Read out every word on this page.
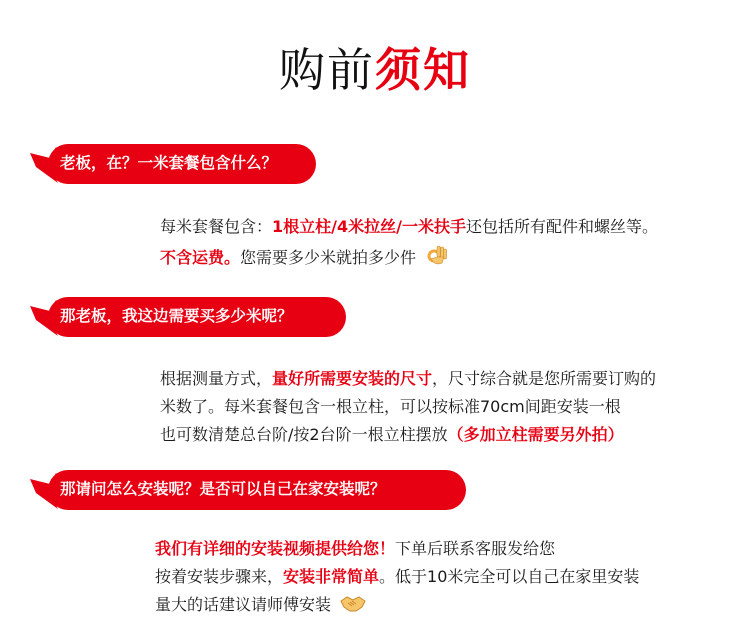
购前须知
老板，在？一米套餐包含什么？
每米套餐包含：1根立柱/4米拉丝/一米扶手还包括所有配件和螺丝等。
不含运费。您需要多少米就拍多少件
那老板，我这边需要买多少米呢？
根据测量方式，量好所需要安装的尺寸，尺寸综合就是您所需要订购的
米数了。每米套餐包含一根立柱，可以按标准70cm间距安装一根
也可数清楚总台阶/按2台阶一根立柱摆放（多加立柱需要另外拍）
那请问怎么安装呢？是否可以自己在家安装呢？
我们有详细的安装视频提供给您！下单后联系客服发给您
按着安装步骤来，安装非常简单。低于10米完全可以自己在家里安装
量大的话建议请师傅安装
